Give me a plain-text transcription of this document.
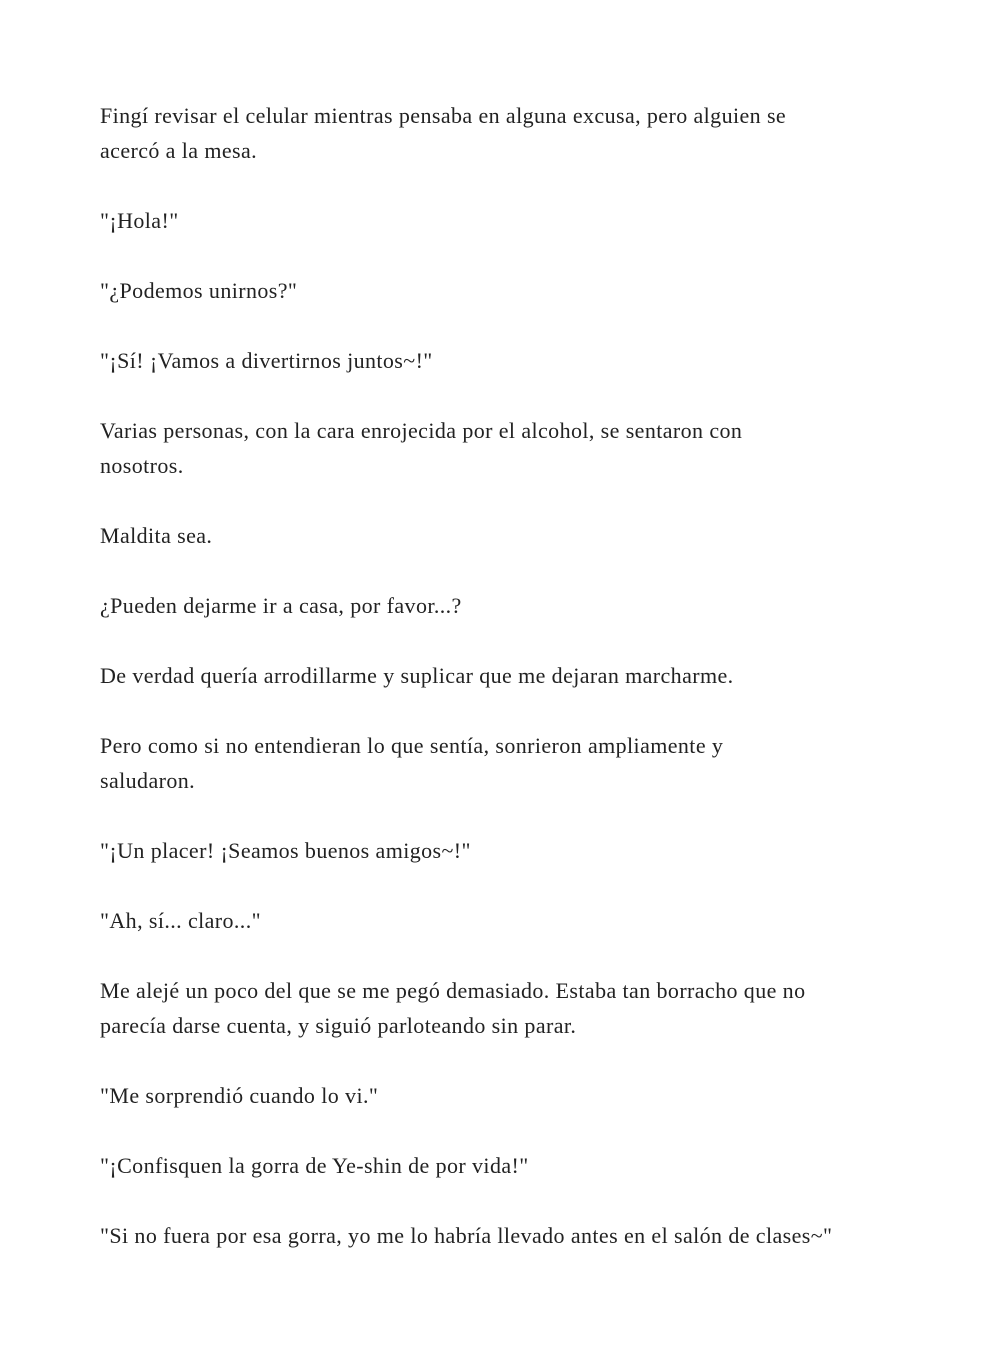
Fingí revisar el celular mientras pensaba en alguna excusa, pero alguien se
acercó a la mesa.

"¡Hola!"

"¿Podemos unirnos?"

"¡Sí! ¡Vamos a divertirnos juntos~!"

Varias personas, con la cara enrojecida por el alcohol, se sentaron con
nosotros.

Maldita sea.

¿Pueden dejarme ir a casa, por favor...?

De verdad quería arrodillarme y suplicar que me dejaran marcharme.

Pero como si no entendieran lo que sentía, sonrieron ampliamente y
saludaron.

"¡Un placer! ¡Seamos buenos amigos~!"

"Ah, sí... claro..."

Me alejé un poco del que se me pegó demasiado. Estaba tan borracho que no
parecía darse cuenta, y siguió parloteando sin parar.

"Me sorprendió cuando lo vi."

"¡Confisquen la gorra de Ye-shin de por vida!"

"Si no fuera por esa gorra, yo me lo habría llevado antes en el salón de clases~"
